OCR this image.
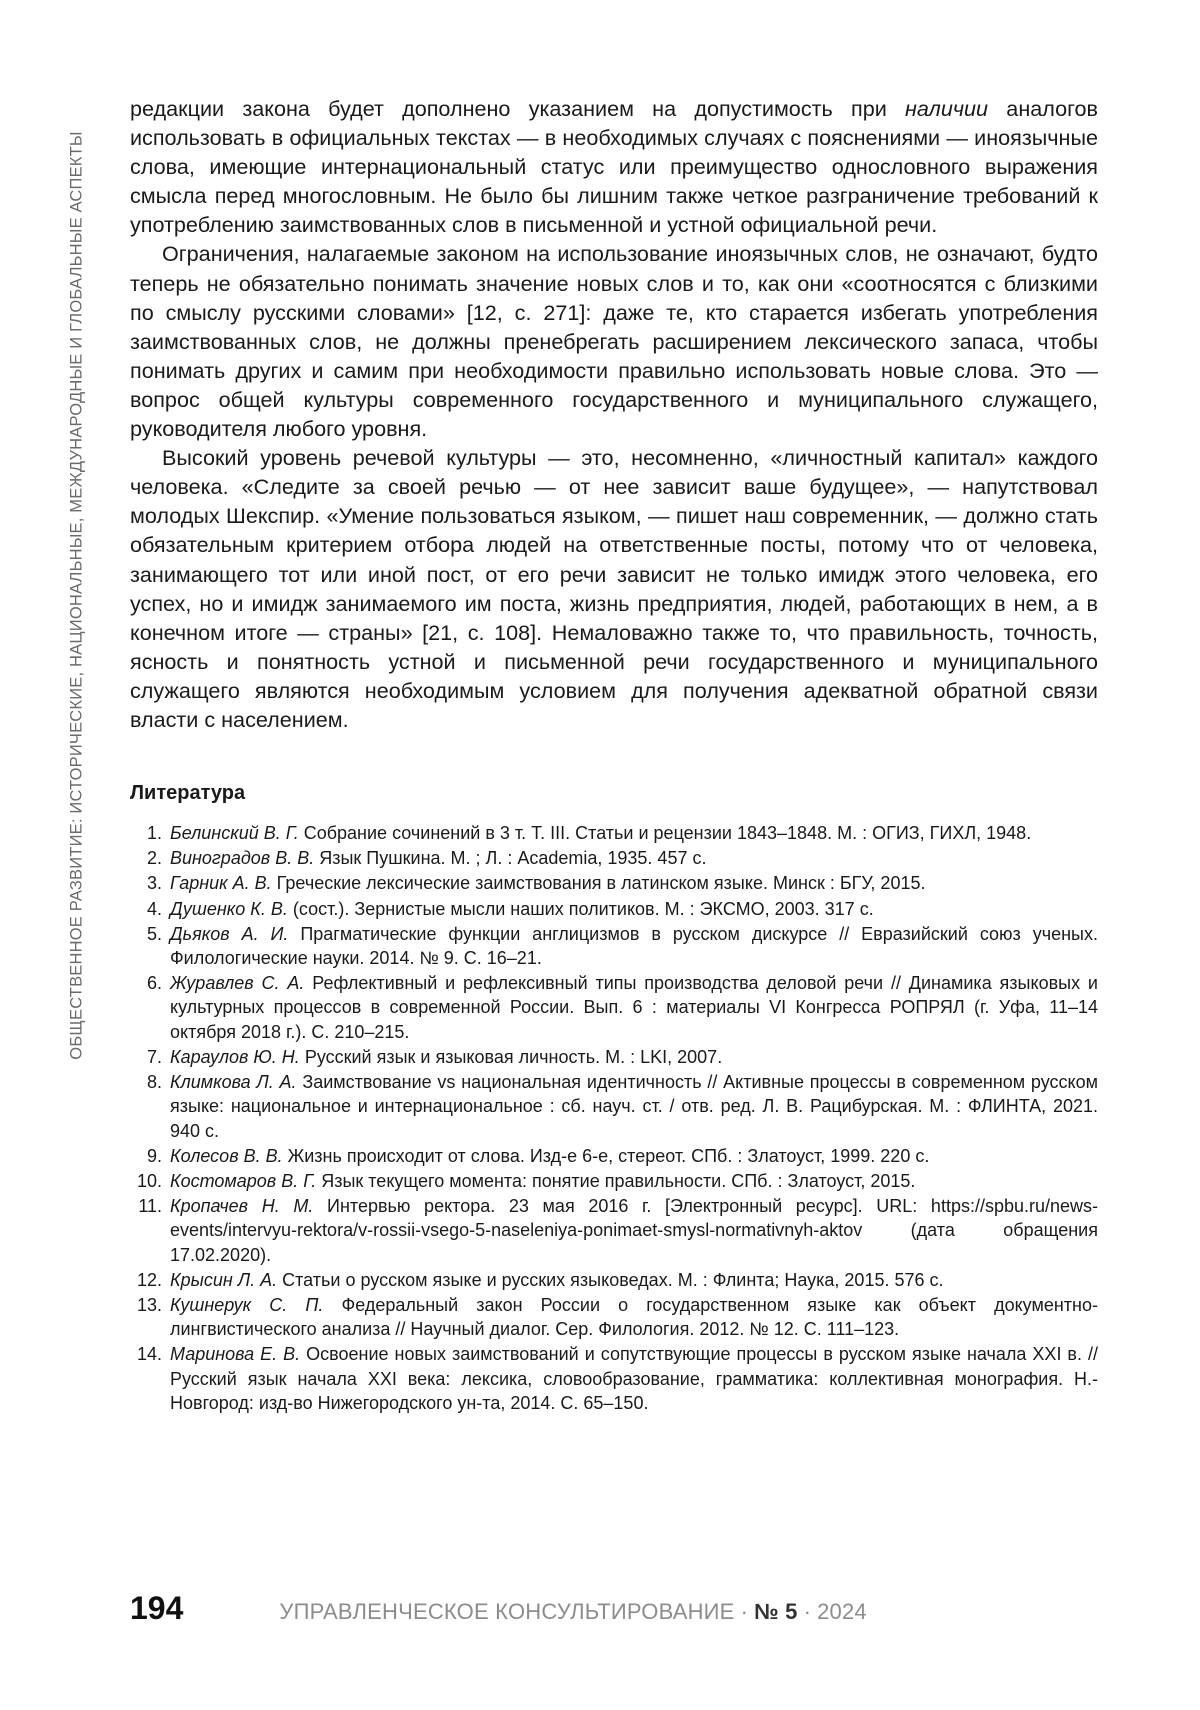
ОБЩЕСТВЕННОЕ РАЗВИТИЕ: ИСТОРИЧЕСКИЕ, НАЦИОНАЛЬНЫЕ, МЕЖДУНАРОДНЫЕ И ГЛОБАЛЬНЫЕ АСПЕКТЫ

редакции закона будет дополнено указанием на допустимость при наличии аналогов использовать в официальных текстах — в необходимых случаях с пояснениями — иноязычные слова, имеющие интернациональный статус или преимущество однословного выражения смысла перед многословным. Не было бы лишним также четкое разграничение требований к употреблению заимствованных слов в письменной и устной официальной речи.

Ограничения, налагаемые законом на использование иноязычных слов, не означают, будто теперь не обязательно понимать значение новых слов и то, как они «соотносятся с близкими по смыслу русскими словами» [12, с. 271]: даже те, кто старается избегать употребления заимствованных слов, не должны пренебрегать расширением лексического запаса, чтобы понимать других и самим при необходимости правильно использовать новые слова. Это — вопрос общей культуры современного государственного и муниципального служащего, руководителя любого уровня.

Высокий уровень речевой культуры — это, несомненно, «личностный капитал» каждого человека. «Следите за своей речью — от нее зависит ваше будущее», — напутствовал молодых Шекспир. «Умение пользоваться языком, — пишет наш современник, — должно стать обязательным критерием отбора людей на ответственные посты, потому что от человека, занимающего тот или иной пост, от его речи зависит не только имидж этого человека, его успех, но и имидж занимаемого им поста, жизнь предприятия, людей, работающих в нем, а в конечном итоге — страны» [21, с. 108]. Немаловажно также то, что правильность, точность, ясность и понятность устной и письменной речи государственного и муниципального служащего являются необходимым условием для получения адекватной обратной связи власти с населением.

Литература
1. Белинский В. Г. Собрание сочинений в 3 т. Т. III. Статьи и рецензии 1843–1848. М. : ОГИЗ, ГИХЛ, 1948.
2. Виноградов В. В. Язык Пушкина. М. ; Л. : Academia, 1935. 457 с.
3. Гарник А. В. Греческие лексические заимствования в латинском языке. Минск : БГУ, 2015.
4. Душенко К. В. (сост.). Зернистые мысли наших политиков. М. : ЭКСМО, 2003. 317 с.
5. Дьяков А. И. Прагматические функции англицизмов в русском дискурсе // Евразийский союз ученых. Филологические науки. 2014. № 9. С. 16–21.
6. Журавлев С. А. Рефлективный и рефлексивный типы производства деловой речи // Динамика языковых и культурных процессов в современной России. Вып. 6 : материалы VI Конгресса РОПРЯЛ (г. Уфа, 11–14 октября 2018 г.). С. 210–215.
7. Караулов Ю. Н. Русский язык и языковая личность. М. : LKI, 2007.
8. Климкова Л. А. Заимствование vs национальная идентичность // Активные процессы в современном русском языке: национальное и интернациональное : сб. науч. ст. / отв. ред. Л. В. Рацибурская. М. : ФЛИНТА, 2021. 940 с.
9. Колесов В. В. Жизнь происходит от слова. Изд-е 6-е, стереот. СПб. : Златоуст, 1999. 220 с.
10. Костомаров В. Г. Язык текущего момента: понятие правильности. СПб. : Златоуст, 2015.
11. Кропачев Н. М. Интервью ректора. 23 мая 2016 г. [Электронный ресурс]. URL: https://spbu.ru/news-events/intervyu-rektora/v-rossii-vsego-5-naseleniya-ponimaet-smysl-normativnyh-aktov (дата обращения 17.02.2020).
12. Крысин Л. А. Статьи о русском языке и русских языковедах. М. : Флинта; Наука, 2015. 576 с.
13. Кушнерук С. П. Федеральный закон России о государственном языке как объект документно-лингвистического анализа // Научный диалог. Сер. Филология. 2012. № 12. С. 111–123.
14. Маринова Е. В. Освоение новых заимствований и сопутствующие процессы в русском языке начала XXI в. // Русский язык начала XXI века: лексика, словообразование, грамматика: коллективная монография. Н.-Новгород: изд-во Нижегородского ун-та, 2014. С. 65–150.
194	УПРАВЛЕНЧЕСКОЕ КОНСУЛЬТИРОВАНИЕ · № 5 · 2024
